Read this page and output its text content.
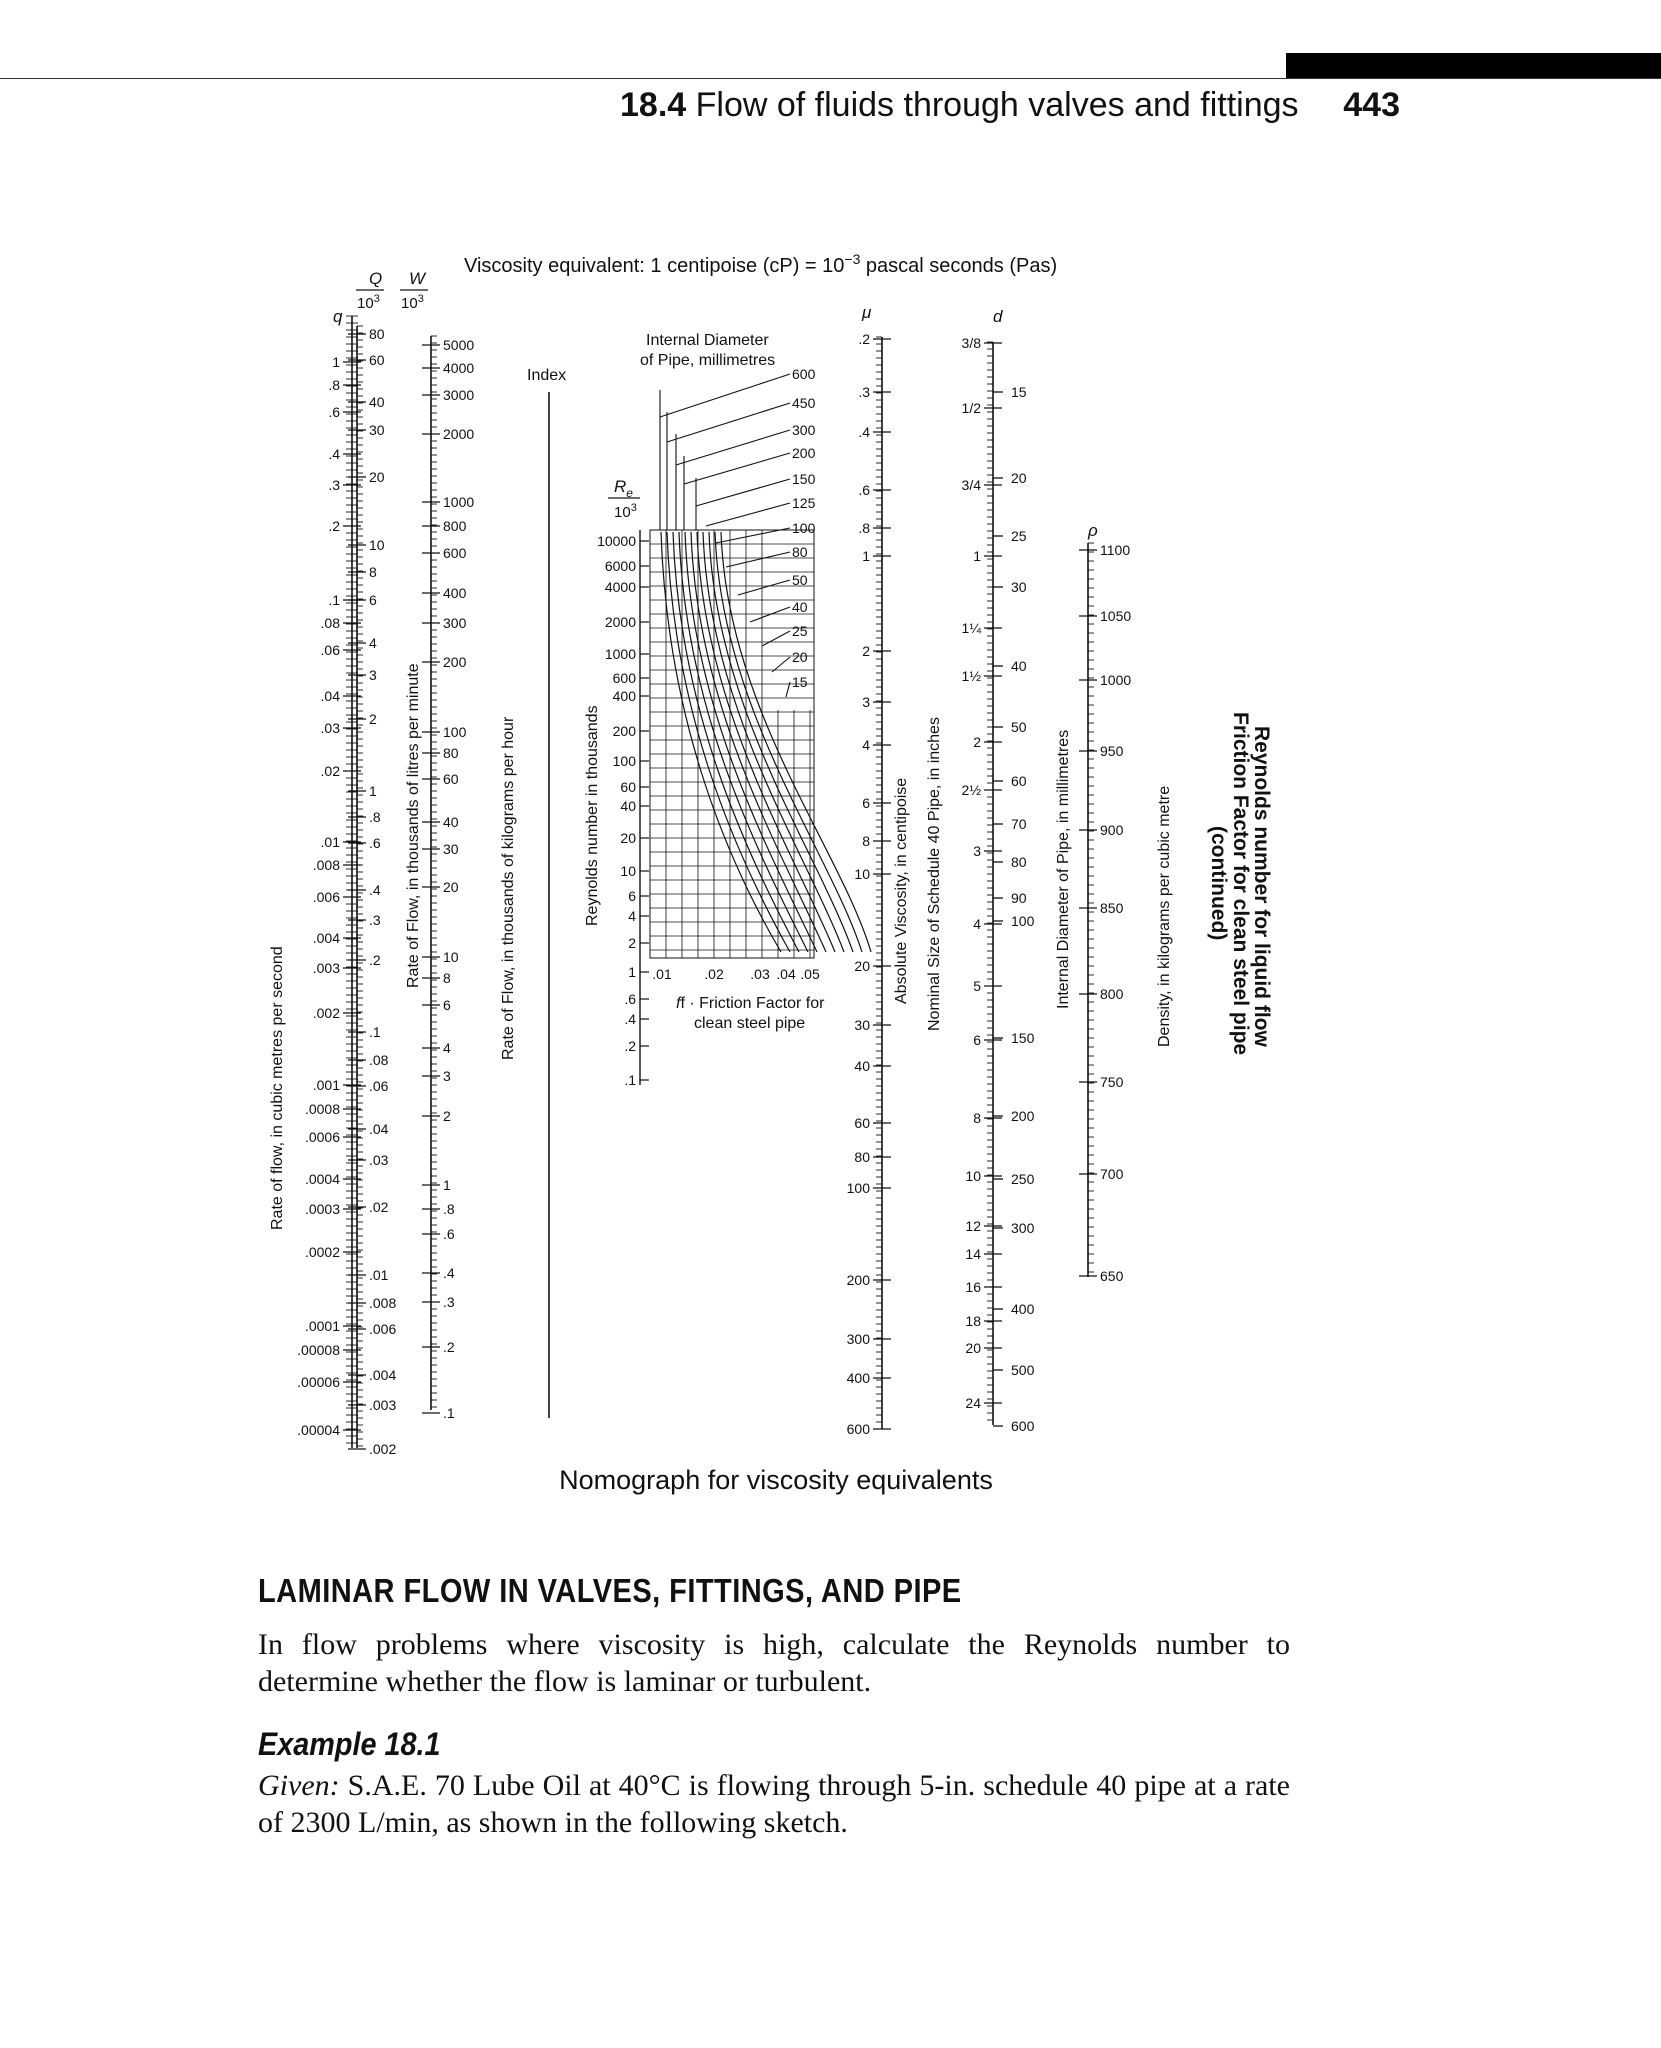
18.4 Flow of fluids through valves and fittings 443
Viscosity equivalent: 1 centipoise $(cP) = 10^{-3}$ pascal seconds (Pas)
Q
$10^3$
W
$10^3$
q	μ	d
ρ
$R_e$
$10^3$
1
.8
.6
.4
.3
.2
.1
.08
.06
.04
.03
.02
.01
.008
.006
.004
.003
.002
.001
.0008
.0006
.0004
.0003
.0002
.0001
.00008
.00006
.00004
80
60
40
30
20
10
8
6
4
3
2
1
.8
.6
.4
.3
.2
.1
.08
.06
.04
.03
.02
.01
.008
.006
.004
.003
.002
5000
4000
3000
2000
1000
800
600
400
300
200
100
80
60
40
30
20
10
8
6
4
3
2
1
.8
.6
.4
.3
.2
.1
.2
.3
.4
.6
.8
1
2
3
4
6
8
10
20
30
40
60
80
100
200
300
400
600
3/8
1/2
3/4
1
1¼
1½
2
2½
3
4
5
6
8
10
12
14
16
18
20
24
15
20
25
30
40
50
60
70
80
90
100
150
200
250
300
400
500
600
1100
1050
1000
950
900
850
800
750
700
650
10000
6000
4000
2000
1000
600
400
200
100
60
40
20
10
6
4
2
1
.6
.4
.2
.1
Index
Internal Diameter
of Pipe, millimetres
ff · Friction Factor for
clean steel pipe
Rate of flow, in cubic metres per second
Rate of Flow, in thousands of litres per minute	Rate of Flow, in thousands of kilograms per hour	Reynolds number in thousands	Absolute Viscosity, in centipoise Nominal Size of Schedule 40 Pipe, in inches	Internal Diameter of Pipe, in millimetres	Density, in kilograms per cubic metre	Reynolds number for liquid flow
Friction Factor for clean steel pipe
(continued)
.01 .02 .03 .04 .05
600
450
300
200
150
125
100
80
50
40
25
20
15
Nomograph for viscosity equivalents
LAMINAR FLOW IN VALVES, FITTINGS, AND PIPE
In flow problems where viscosity is high, calculate the Reynolds number to determine whether the flow is laminar or turbulent.
Example 18.1
Given: S.A.E. 70 Lube Oil at 40°C is flowing through 5-in. schedule 40 pipe at a rate of 2300 L/min, as shown in the following sketch.
